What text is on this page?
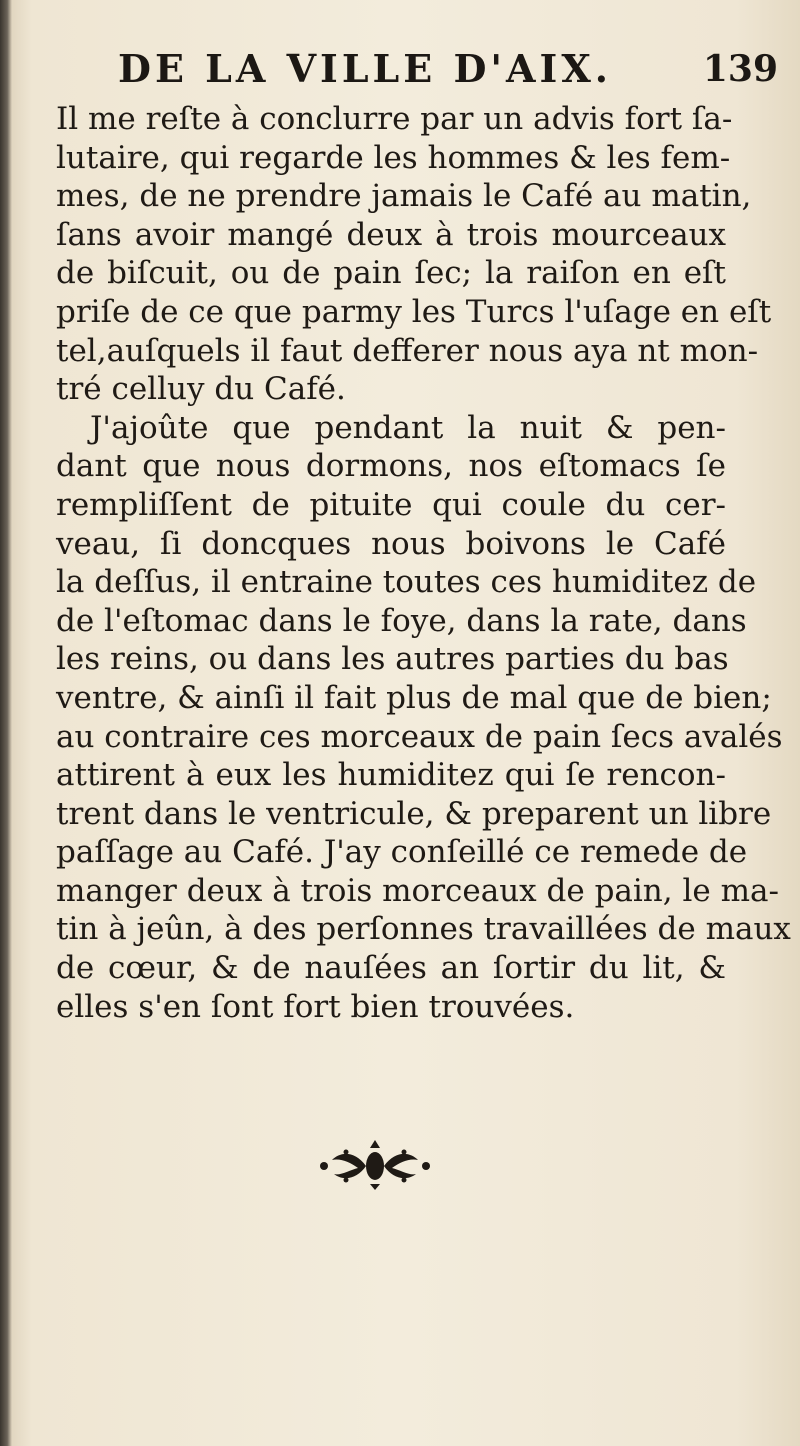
DE LA VILLE D'AIX.	139
Il me reſte à conclurre par un advis fort ſa-
lutaire, qui regarde les hommes & les fem-
mes, de ne prendre jamais le Café au matin,
ſans avoir mangé deux à trois mourceaux
de biſcuit, ou de pain ſec; la raiſon en eſt
priſe de ce que parmy les Turcs l'uſage en eſt
tel,auſquels il faut defferer nous aya nt mon-
tré celluy du Café.
J'ajoûte que pendant la nuit & pen-
dant que nous dormons, nos eſtomacs ſe
rempliſſent de pituite qui coule du cer-
veau, ſi doncques nous boivons le Café
la deſſus, il entraine toutes ces humiditez de
de l'eſtomac dans le foye, dans la rate, dans
les reins, ou dans les autres parties du bas
ventre, & ainſi il fait plus de mal que de bien;
au contraire ces morceaux de pain ſecs avalés
attirent à eux les humiditez qui ſe rencon-
trent dans le ventricule, & preparent un libre
paſſage au Café. J'ay conſeillé ce remede de
manger deux à trois morceaux de pain, le ma-
tin à jeûn, à des perſonnes travaillées de maux
de cœur, & de nauſées an ſortir du lit, &
elles s'en ſont fort bien trouvées.
